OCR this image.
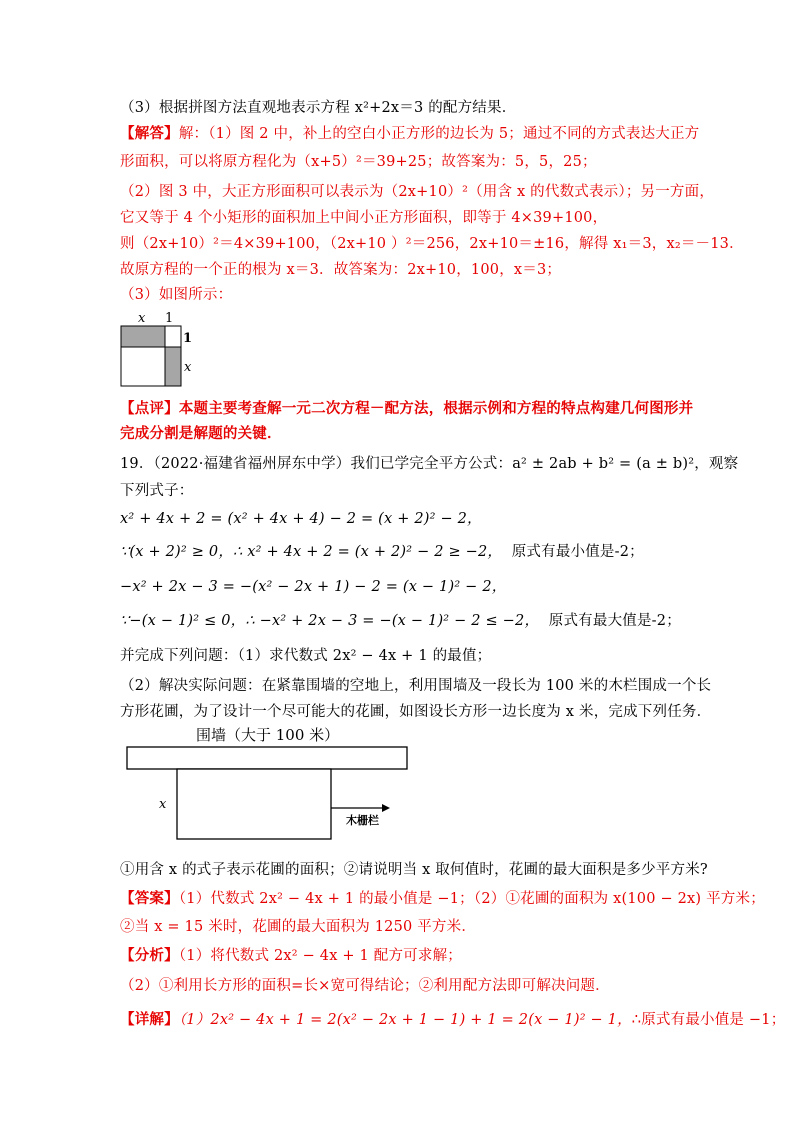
（3）根据拼图方法直观地表示方程 x²+2x＝3 的配方结果．
【解答】解：（1）图 2 中，补上的空白小正方形的边长为 5；通过不同的方式表达大正方
形面积，可以将原方程化为（x+5）²＝39+25；故答案为：5，5，25；
（2）图 3 中，大正方形面积可以表示为（2x+10）²（用含 x 的代数式表示）；另一方面，
它又等于 4 个小矩形的面积加上中间小正方形面积，即等于 4×39+100，
则（2x+10）²＝4×39+100，（2x+10 ）²＝256，2x+10＝±16，解得 x₁＝3，x₂＝－13．
故原方程的一个正的根为 x＝3．故答案为：2x+10，100，x＝3；
（3）如图所示：
x 1
1
x
【点评】本题主要考查解一元二次方程－配方法，根据示例和方程的特点构建几何图形并
完成分割是解题的关键．
19．（2022·福建省福州屏东中学）我们已学完全平方公式：a² ± 2ab + b² = (a ± b)²，观察
下列式子：
x² + 4x + 2 = (x² + 4x + 4) − 2 = (x + 2)² − 2，
∵(x + 2)² ≥ 0，∴ x² + 4x + 2 = (x + 2)² − 2 ≥ −2， 原式有最小值是-2；
−x² + 2x − 3 = −(x² − 2x + 1) − 2 = (x − 1)² − 2，
∵−(x − 1)² ≤ 0，∴ −x² + 2x − 3 = −(x − 1)² − 2 ≤ −2， 原式有最大值是-2；
并完成下列问题：（1）求代数式 2x² − 4x + 1 的最值；
（2）解决实际问题：在紧靠围墙的空地上，利用围墙及一段长为 100 米的木栏围成一个长
方形花圃，为了设计一个尽可能大的花圃，如图设长方形一边长度为 x 米，完成下列任务．
围墙（大于 100 米）
x
木栅栏
①用含 x 的式子表示花圃的面积；②请说明当 x 取何值时，花圃的最大面积是多少平方米?
【答案】（1）代数式 2x² − 4x + 1 的最小值是 −1；（2）①花圃的面积为 x(100 − 2x) 平方米；
②当 x = 15 米时，花圃的最大面积为 1250 平方米．
【分析】（1）将代数式 2x² − 4x + 1 配方可求解；
（2）①利用长方形的面积=长×宽可得结论；②利用配方法即可解决问题．
【详解】（1）2x² − 4x + 1 = 2(x² − 2x + 1 − 1) + 1 = 2(x − 1)² − 1，∴原式有最小值是 −1；
